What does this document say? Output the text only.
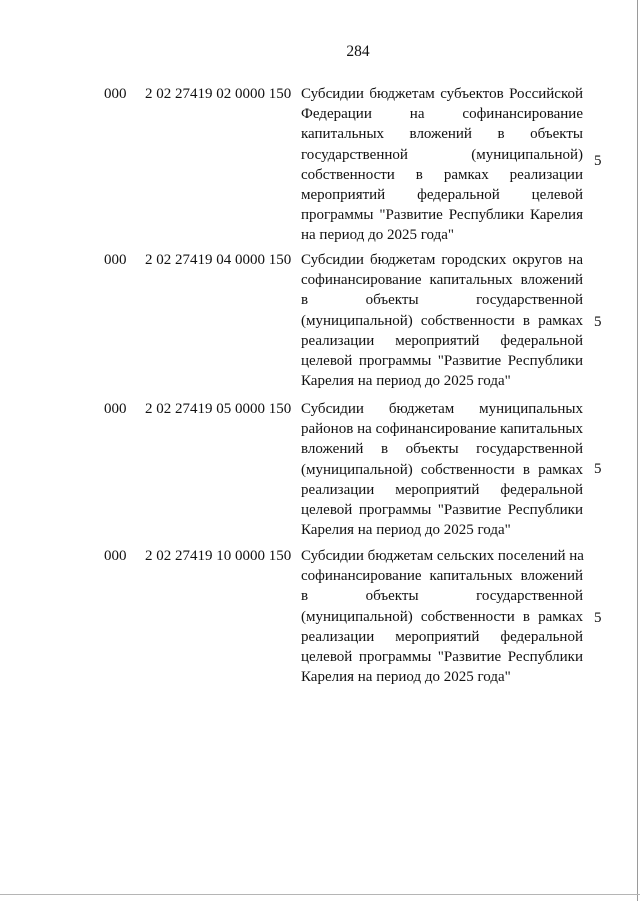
284
000 2 02 27419 02 0000 150 Субсидии бюджетам субъектов Российской
Федерации на софинансирование
капитальных вложений в объекты
государственной (муниципальной)
собственности в рамках реализации
мероприятий федеральной целевой
программы "Развитие Республики Карелия
на период до 2025 года"
5
000 2 02 27419 04 0000 150 Субсидии бюджетам городских округов на
софинансирование капитальных вложений
в объекты государственной
(муниципальной) собственности в рамках
реализации мероприятий федеральной
целевой программы "Развитие Республики
Карелия на период до 2025 года"
5
000 2 02 27419 05 0000 150 Субсидии бюджетам муниципальных
районов на софинансирование капитальных
вложений в объекты государственной
(муниципальной) собственности в рамках
реализации мероприятий федеральной
целевой программы "Развитие Республики
Карелия на период до 2025 года"
5
000 2 02 27419 10 0000 150 Субсидии бюджетам сельских поселений на
софинансирование капитальных вложений
в объекты государственной
(муниципальной) собственности в рамках
реализации мероприятий федеральной
целевой программы "Развитие Республики
Карелия на период до 2025 года"
5
